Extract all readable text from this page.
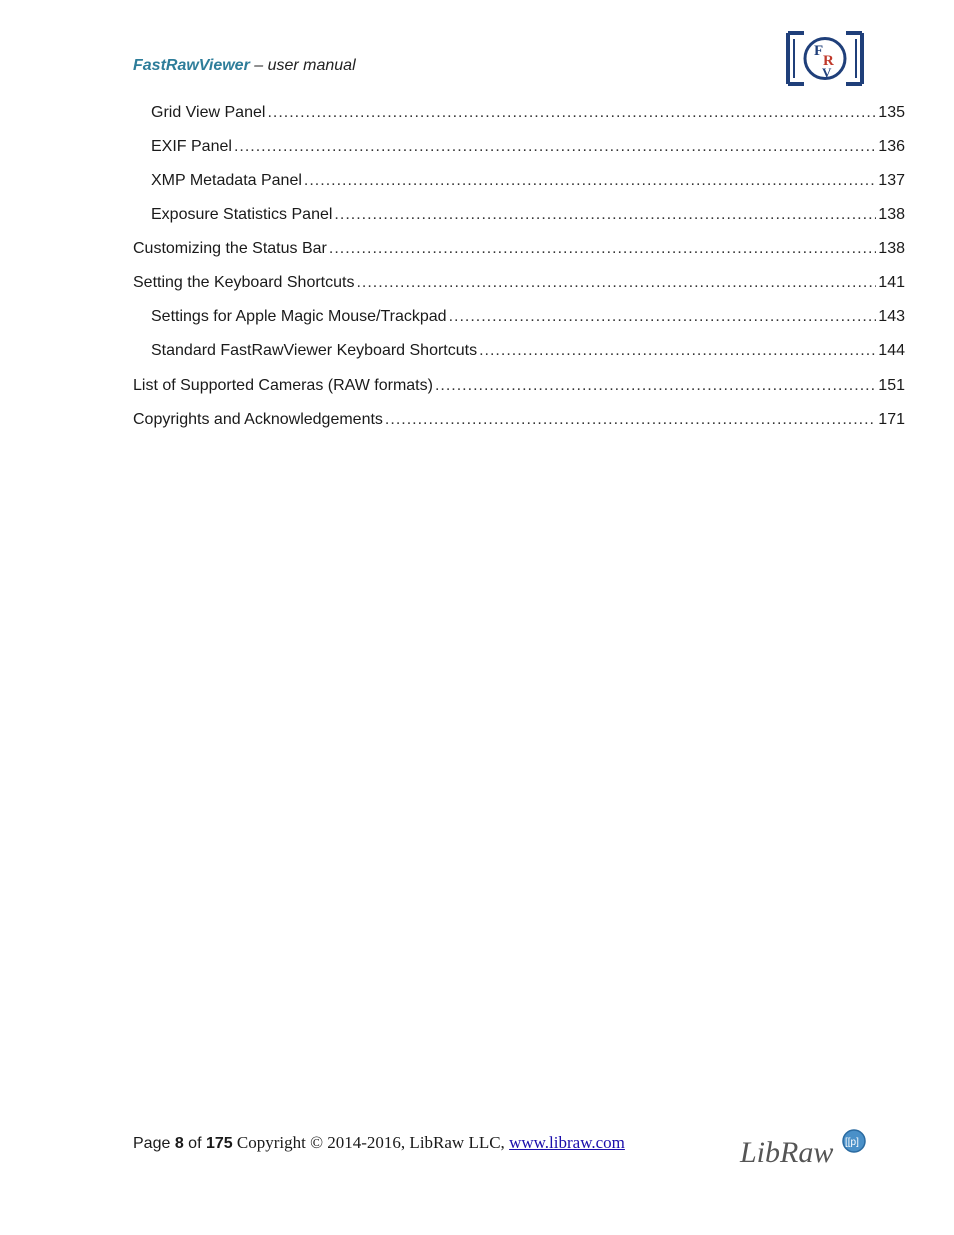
FastRawViewer – user manual
F
R
V
Grid View Panel .....	135
EXIF Panel .....	136
XMP Metadata Panel .....	137
Exposure Statistics Panel .....	138
Customizing the Status Bar .....	138
Setting the Keyboard Shortcuts .....	141
Settings for Apple Magic Mouse/Trackpad .....	143
Standard FastRawViewer Keyboard Shortcuts .....	144
List of Supported Cameras (RAW formats) .....	151
Copyrights and Acknowledgements .....	171
Page 8 of 175 Copyright © 2014-2016, LibRaw LLC, www.libraw.com	LibRaw [[p]
